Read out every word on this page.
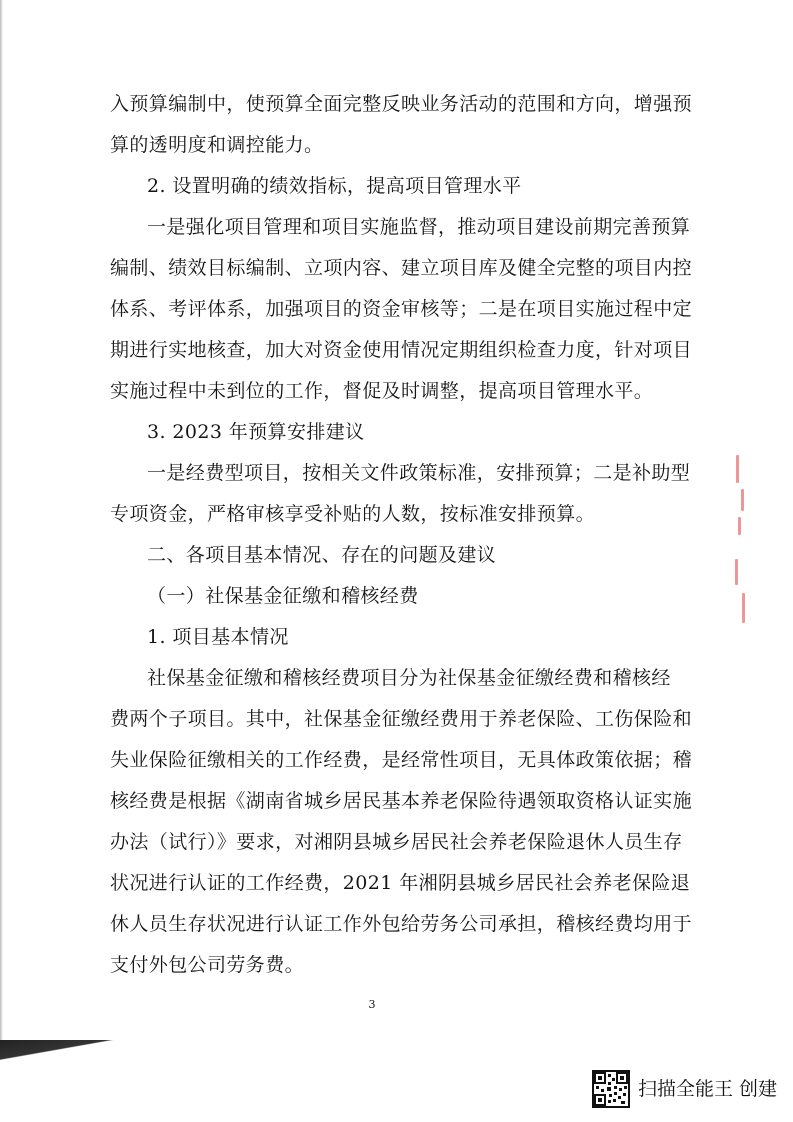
入预算编制中，使预算全面完整反映业务活动的范围和方向，增强预
算的透明度和调控能力。
2. 设置明确的绩效指标，提高项目管理水平
一是强化项目管理和项目实施监督，推动项目建设前期完善预算
编制、绩效目标编制、立项内容、建立项目库及健全完整的项目内控
体系、考评体系，加强项目的资金审核等；二是在项目实施过程中定
期进行实地核查，加大对资金使用情况定期组织检查力度，针对项目
实施过程中未到位的工作，督促及时调整，提高项目管理水平。
3. 2023 年预算安排建议
一是经费型项目，按相关文件政策标准，安排预算；二是补助型
专项资金，严格审核享受补贴的人数，按标准安排预算。
二、各项目基本情况、存在的问题及建议
（一）社保基金征缴和稽核经费
1. 项目基本情况
社保基金征缴和稽核经费项目分为社保基金征缴经费和稽核经
费两个子项目。其中，社保基金征缴经费用于养老保险、工伤保险和
失业保险征缴相关的工作经费，是经常性项目，无具体政策依据；稽
核经费是根据《湖南省城乡居民基本养老保险待遇领取资格认证实施
办法（试行）》要求，对湘阴县城乡居民社会养老保险退休人员生存
状况进行认证的工作经费，2021 年湘阴县城乡居民社会养老保险退
休人员生存状况进行认证工作外包给劳务公司承担，稽核经费均用于
支付外包公司劳务费。
3
扫描全能王 创建
